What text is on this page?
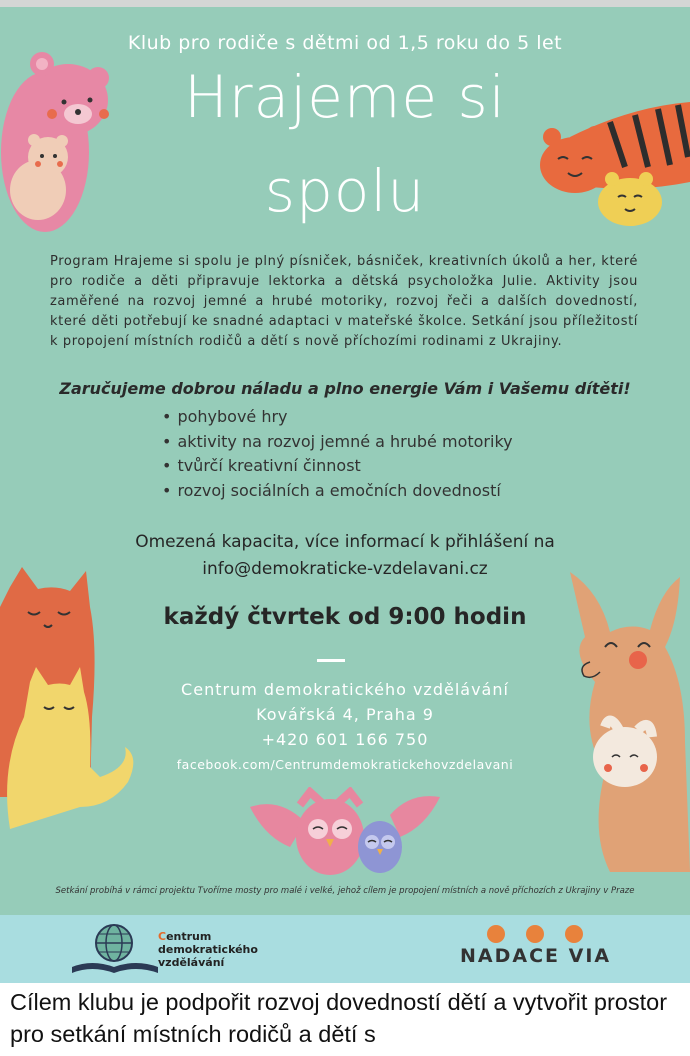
Klub pro rodiče s dětmi od 1,5 roku do 5 let
Hrajeme si
spolu
Program Hrajeme si spolu je plný písniček, básniček, kreativních úkolů a her, které pro rodiče a děti připravuje lektorka a dětská psycholožka Julie. Aktivity jsou zaměřené na rozvoj jemné a hrubé motoriky, rozvoj řeči a dalších dovedností, které děti potřebují ke snadné adaptaci v mateřské školce. Setkání jsou příležitostí k propojení místních rodičů a dětí s nově příchozími rodinami z Ukrajiny.
Zaručujeme dobrou náladu a plno energie Vám i Vašemu dítěti!
• pohybové hry
• aktivity na rozvoj jemné a hrubé motoriky
• tvůrčí kreativní činnost
• rozvoj sociálních a emočních dovedností
Omezená kapacita, více informací k přihlášení na
info@demokraticke-vzdelavani.cz
každý čtvrtek od 9:00 hodin
Centrum demokratického vzdělávání
Kovářská 4, Praha 9
+420 601 166 750
facebook.com/Centrumdemokratickehovzdelavani
Setkání probíhá v rámci projektu Tvoříme mosty pro malé i velké, jehož cílem je propojení místních a nově příchozích z Ukrajiny v Praze
Centrum
demokratického
vzdělávání	NADACE VIA
Cílem klubu je podpořit rozvoj dovedností dětí a vytvořit prostor pro setkání místních rodičů a dětí s
